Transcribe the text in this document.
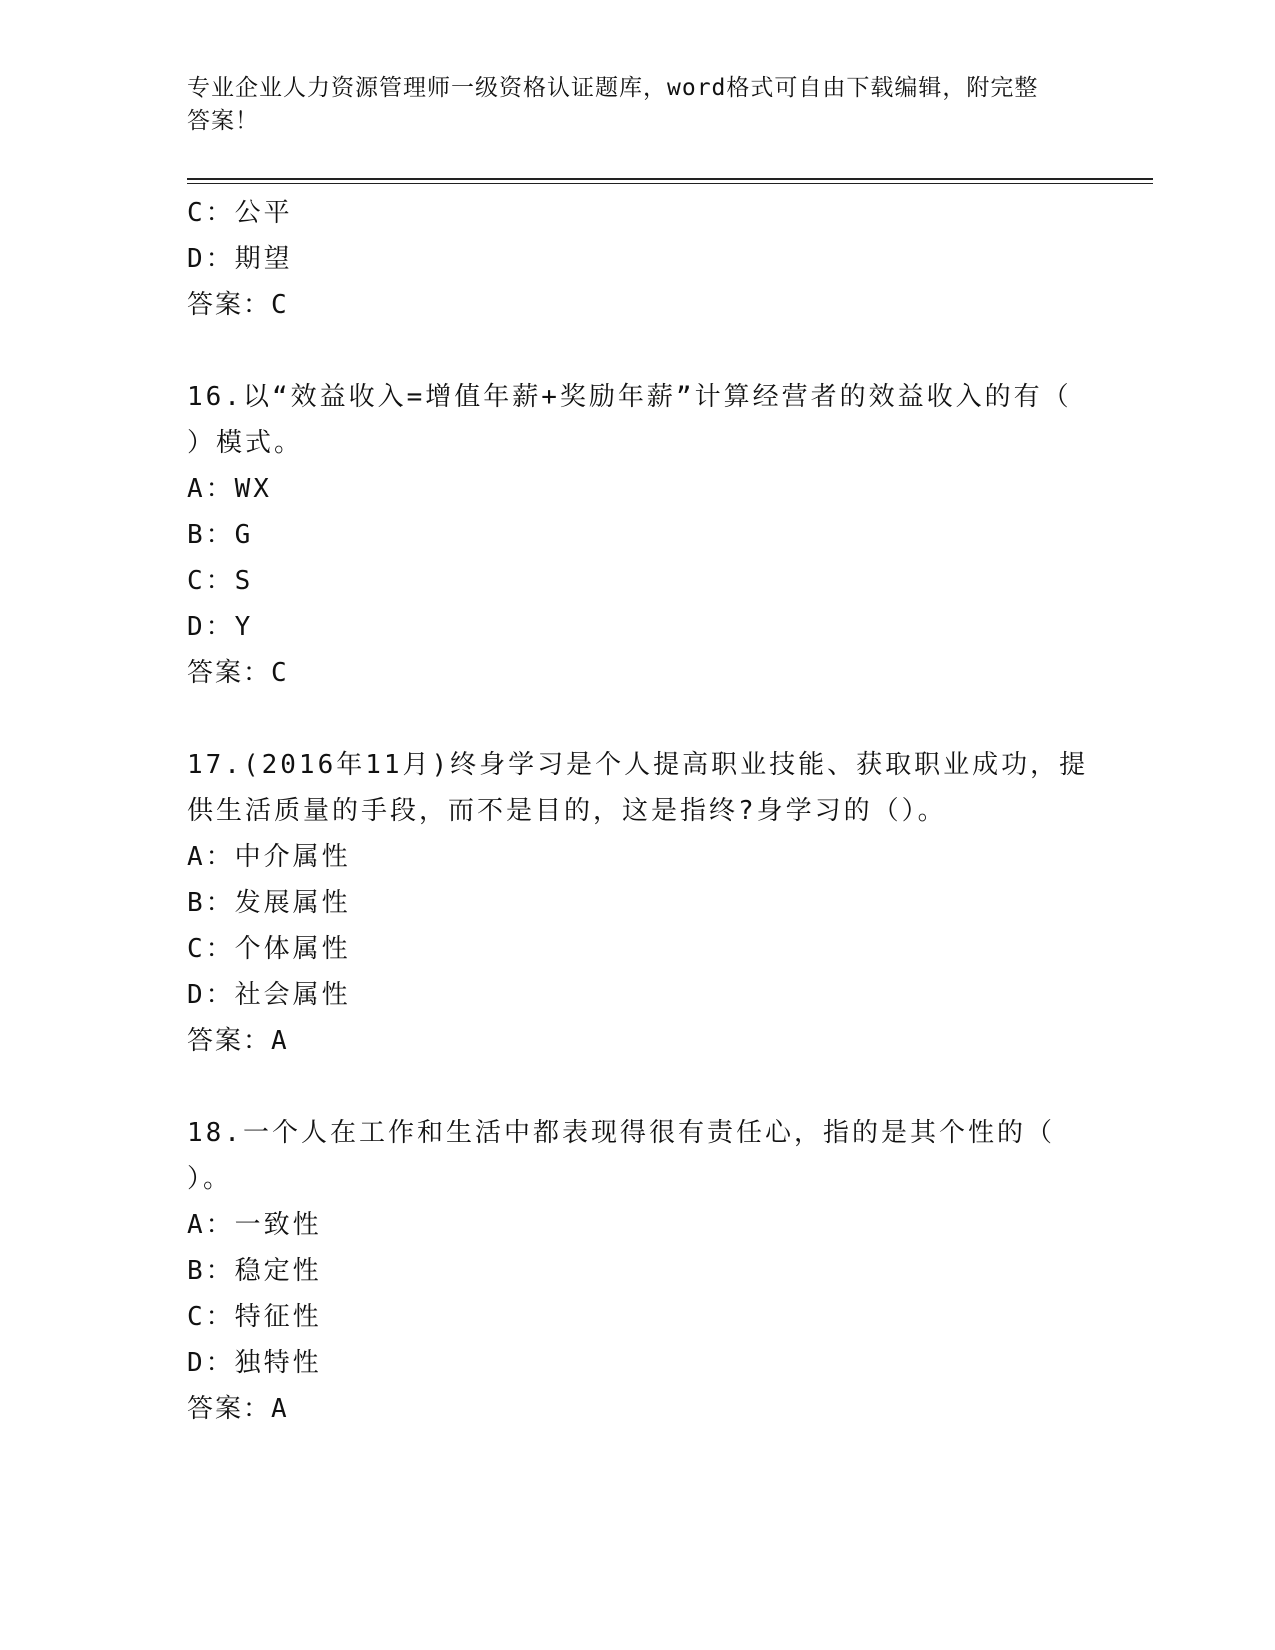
专业企业人力资源管理师一级资格认证题库，word格式可自由下载编辑，附完整
答案！
C：公平
D：期望
答案：C
16.以“效益收入=增值年薪+奖励年薪”计算经营者的效益收入的有（
）模式。
A：WX
B：G
C：S
D：Y
答案：C
17.(2016年11月)终身学习是个人提高职业技能、获取职业成功，提
供生活质量的手段，而不是目的，这是指终?身学习的（）。
A：中介属性
B：发展属性
C：个体属性
D：社会属性
答案：A
18.一个人在工作和生活中都表现得很有责任心，指的是其个性的（
）。
A：一致性
B：稳定性
C：特征性
D：独特性
答案：A
